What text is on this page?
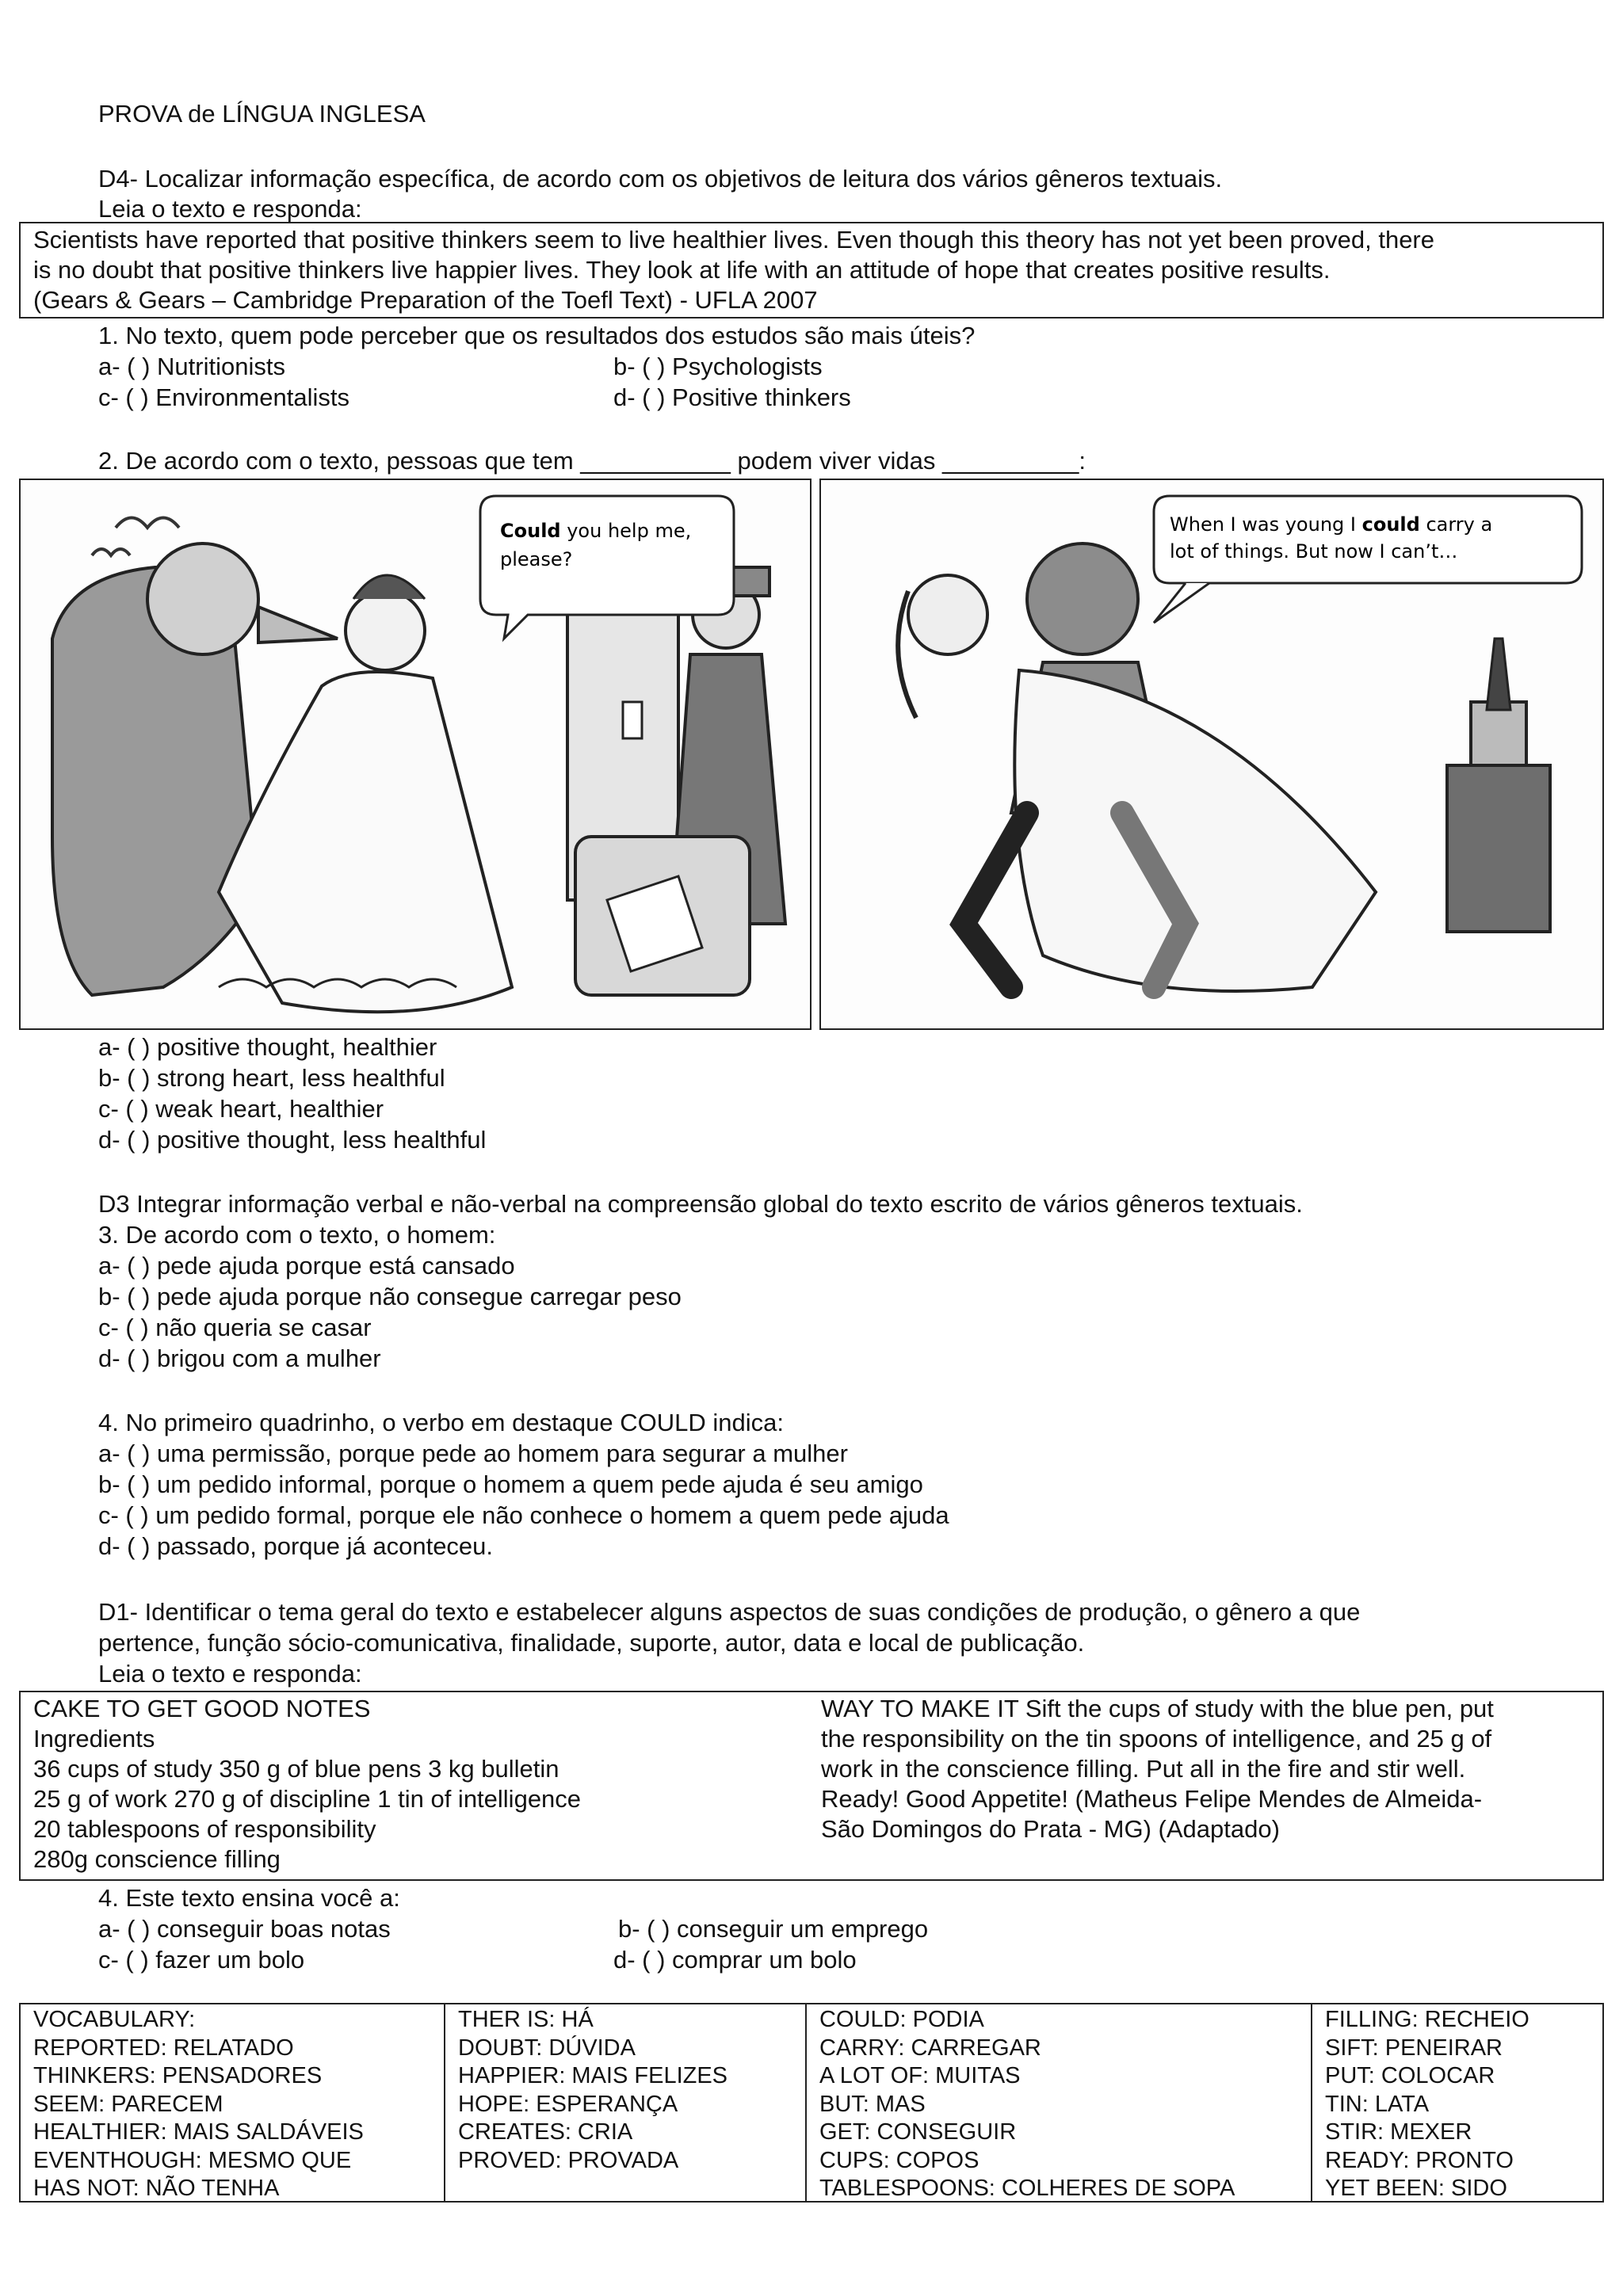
PROVA de LÍNGUA INGLESA
D4- Localizar informação específica, de acordo com os objetivos de leitura dos vários gêneros textuais.
Leia o texto e responda:
Scientists have reported that positive thinkers seem to live healthier lives. Even though this theory has not yet been proved, there
is no doubt that positive thinkers live happier lives. They look at life with an attitude of hope that creates positive results.
(Gears & Gears – Cambridge Preparation of the Toefl Text) - UFLA 2007
1. No texto, quem pode perceber que os resultados dos estudos são mais úteis?
a- ( ) Nutritionists	b- ( ) Psychologists
c- ( ) Environmentalists	d- ( ) Positive thinkers
2. De acordo com o texto, pessoas que tem ___________ podem viver vidas __________:
Could you help me,
please?
When I was young I could carry a
lot of things. But now I can’t…
a- ( ) positive thought, healthier
b- ( ) strong heart, less healthful
c- ( ) weak heart, healthier
d- ( ) positive thought, less healthful
D3 Integrar informação verbal e não-verbal na compreensão global do texto escrito de vários gêneros textuais.
3. De acordo com o texto, o homem:
a- ( ) pede ajuda porque está cansado
b- ( ) pede ajuda porque não consegue carregar peso
c- ( ) não queria se casar
d- ( ) brigou com a mulher
4. No primeiro quadrinho, o verbo em destaque COULD indica:
a- ( ) uma permissão, porque pede ao homem para segurar a mulher
b- ( ) um pedido informal, porque o homem a quem pede ajuda é seu amigo
c- ( ) um pedido formal, porque ele não conhece o homem a quem pede ajuda
d- ( ) passado, porque já aconteceu.
D1- Identificar o tema geral do texto e estabelecer alguns aspectos de suas condições de produção, o gênero a que
pertence, função sócio-comunicativa, finalidade, suporte, autor, data e local de publicação.
Leia o texto e responda:
CAKE TO GET GOOD NOTES
Ingredients
36 cups of study 350 g of blue pens 3 kg bulletin
25 g of work 270 g of discipline 1 tin of intelligence
20 tablespoons of responsibility
280g conscience filling
WAY TO MAKE IT Sift the cups of study with the blue pen, put
the responsibility on the tin spoons of intelligence, and 25 g of
work in the conscience filling. Put all in the fire and stir well.
Ready! Good Appetite! (Matheus Felipe Mendes de Almeida-
São Domingos do Prata - MG) (Adaptado)
4. Este texto ensina você a:
a- ( ) conseguir boas notas	b- ( ) conseguir um emprego
c- ( ) fazer um bolo	d- ( ) comprar um bolo
VOCABULARY:
REPORTED: RELATADO
THINKERS: PENSADORES
SEEM: PARECEM
HEALTHIER: MAIS SALDÁVEIS
EVENTHOUGH: MESMO QUE
HAS NOT: NÃO TENHA
THER IS: HÁ
DOUBT: DÚVIDA
HAPPIER: MAIS FELIZES
HOPE: ESPERANÇA
CREATES: CRIA
PROVED: PROVADA
COULD: PODIA
CARRY: CARREGAR
A LOT OF: MUITAS
BUT: MAS
GET: CONSEGUIR
CUPS: COPOS
TABLESPOONS: COLHERES DE SOPA
FILLING: RECHEIO
SIFT: PENEIRAR
PUT: COLOCAR
TIN: LATA
STIR: MEXER
READY: PRONTO
YET BEEN: SIDO
